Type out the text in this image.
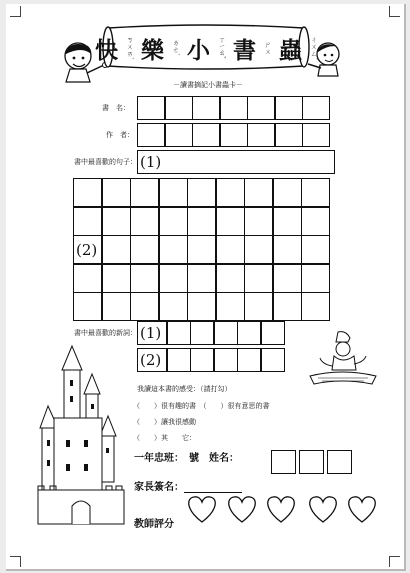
快 ㄎㄨㄞˋ 樂 ㄌㄜˋ 小 ㄒㄧㄠˇ 書 ㄕㄨ 蟲 ㄔㄨㄥˊ
－讀書摘記小書蟲卡－
書　名：
作　者：
書中最喜歡的句子： (1)
(2)
書中最喜歡的新詞： (1)
(2)
我讀這本書的感受：（請打勾）
（　　）很有趣的書　（　　）很有意思的書
（　　）讓我很感動
（　　）其　　它：
一年忠班：　號　姓名：
家長簽名：
教師評分
